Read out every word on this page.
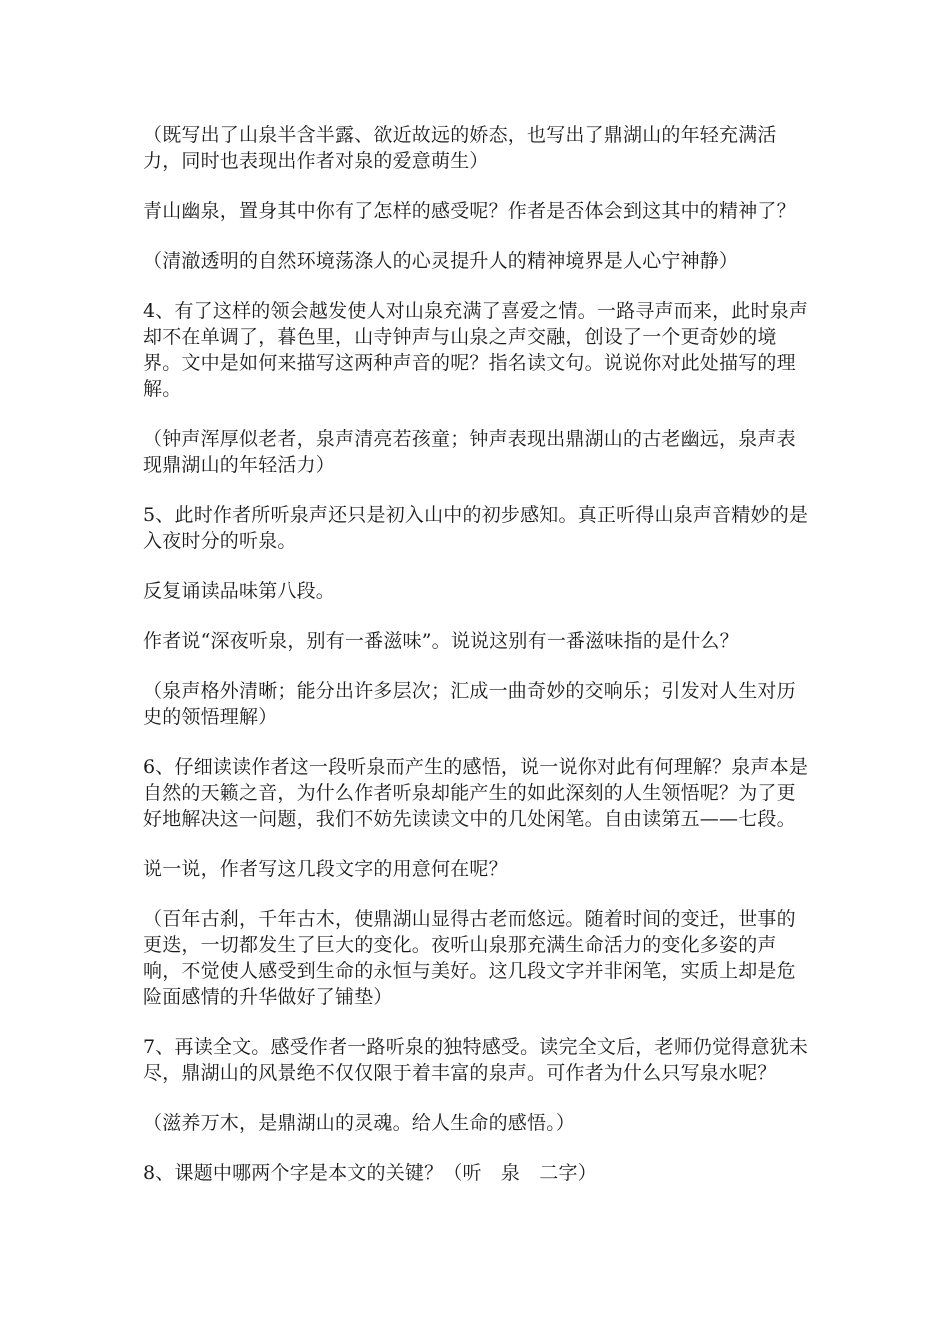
（既写出了山泉半含半露、欲近故远的娇态，也写出了鼎湖山的年轻充满活力，同时也表现出作者对泉的爱意萌生）

青山幽泉，置身其中你有了怎样的感受呢？作者是否体会到这其中的精神了？

（清澈透明的自然环境荡涤人的心灵提升人的精神境界是人心宁神静）

4、有了这样的领会越发使人对山泉充满了喜爱之情。一路寻声而来，此时泉声却不在单调了，暮色里，山寺钟声与山泉之声交融，创设了一个更奇妙的境界。文中是如何来描写这两种声音的呢？指名读文句。说说你对此处描写的理解。

（钟声浑厚似老者，泉声清亮若孩童；钟声表现出鼎湖山的古老幽远，泉声表现鼎湖山的年轻活力）

5、此时作者所听泉声还只是初入山中的初步感知。真正听得山泉声音精妙的是入夜时分的听泉。

反复诵读品味第八段。

作者说“深夜听泉，别有一番滋味”。说说这别有一番滋味指的是什么？

（泉声格外清晰；能分出许多层次；汇成一曲奇妙的交响乐；引发对人生对历史的领悟理解）

6、仔细读读作者这一段听泉而产生的感悟，说一说你对此有何理解？泉声本是自然的天籁之音，为什么作者听泉却能产生的如此深刻的人生领悟呢？为了更好地解决这一问题，我们不妨先读读文中的几处闲笔。自由读第五——七段。

说一说，作者写这几段文字的用意何在呢？

（百年古刹，千年古木，使鼎湖山显得古老而悠远。随着时间的变迁，世事的更迭，一切都发生了巨大的变化。夜听山泉那充满生命活力的变化多姿的声响，不觉使人感受到生命的永恒与美好。这几段文字并非闲笔，实质上却是危险面感情的升华做好了铺垫）

7、再读全文。感受作者一路听泉的独特感受。读完全文后，老师仍觉得意犹未尽，鼎湖山的风景绝不仅仅限于着丰富的泉声。可作者为什么只写泉水呢？

（滋养万木，是鼎湖山的灵魂。给人生命的感悟。）

8、课题中哪两个字是本文的关键？（听　泉　二字）
